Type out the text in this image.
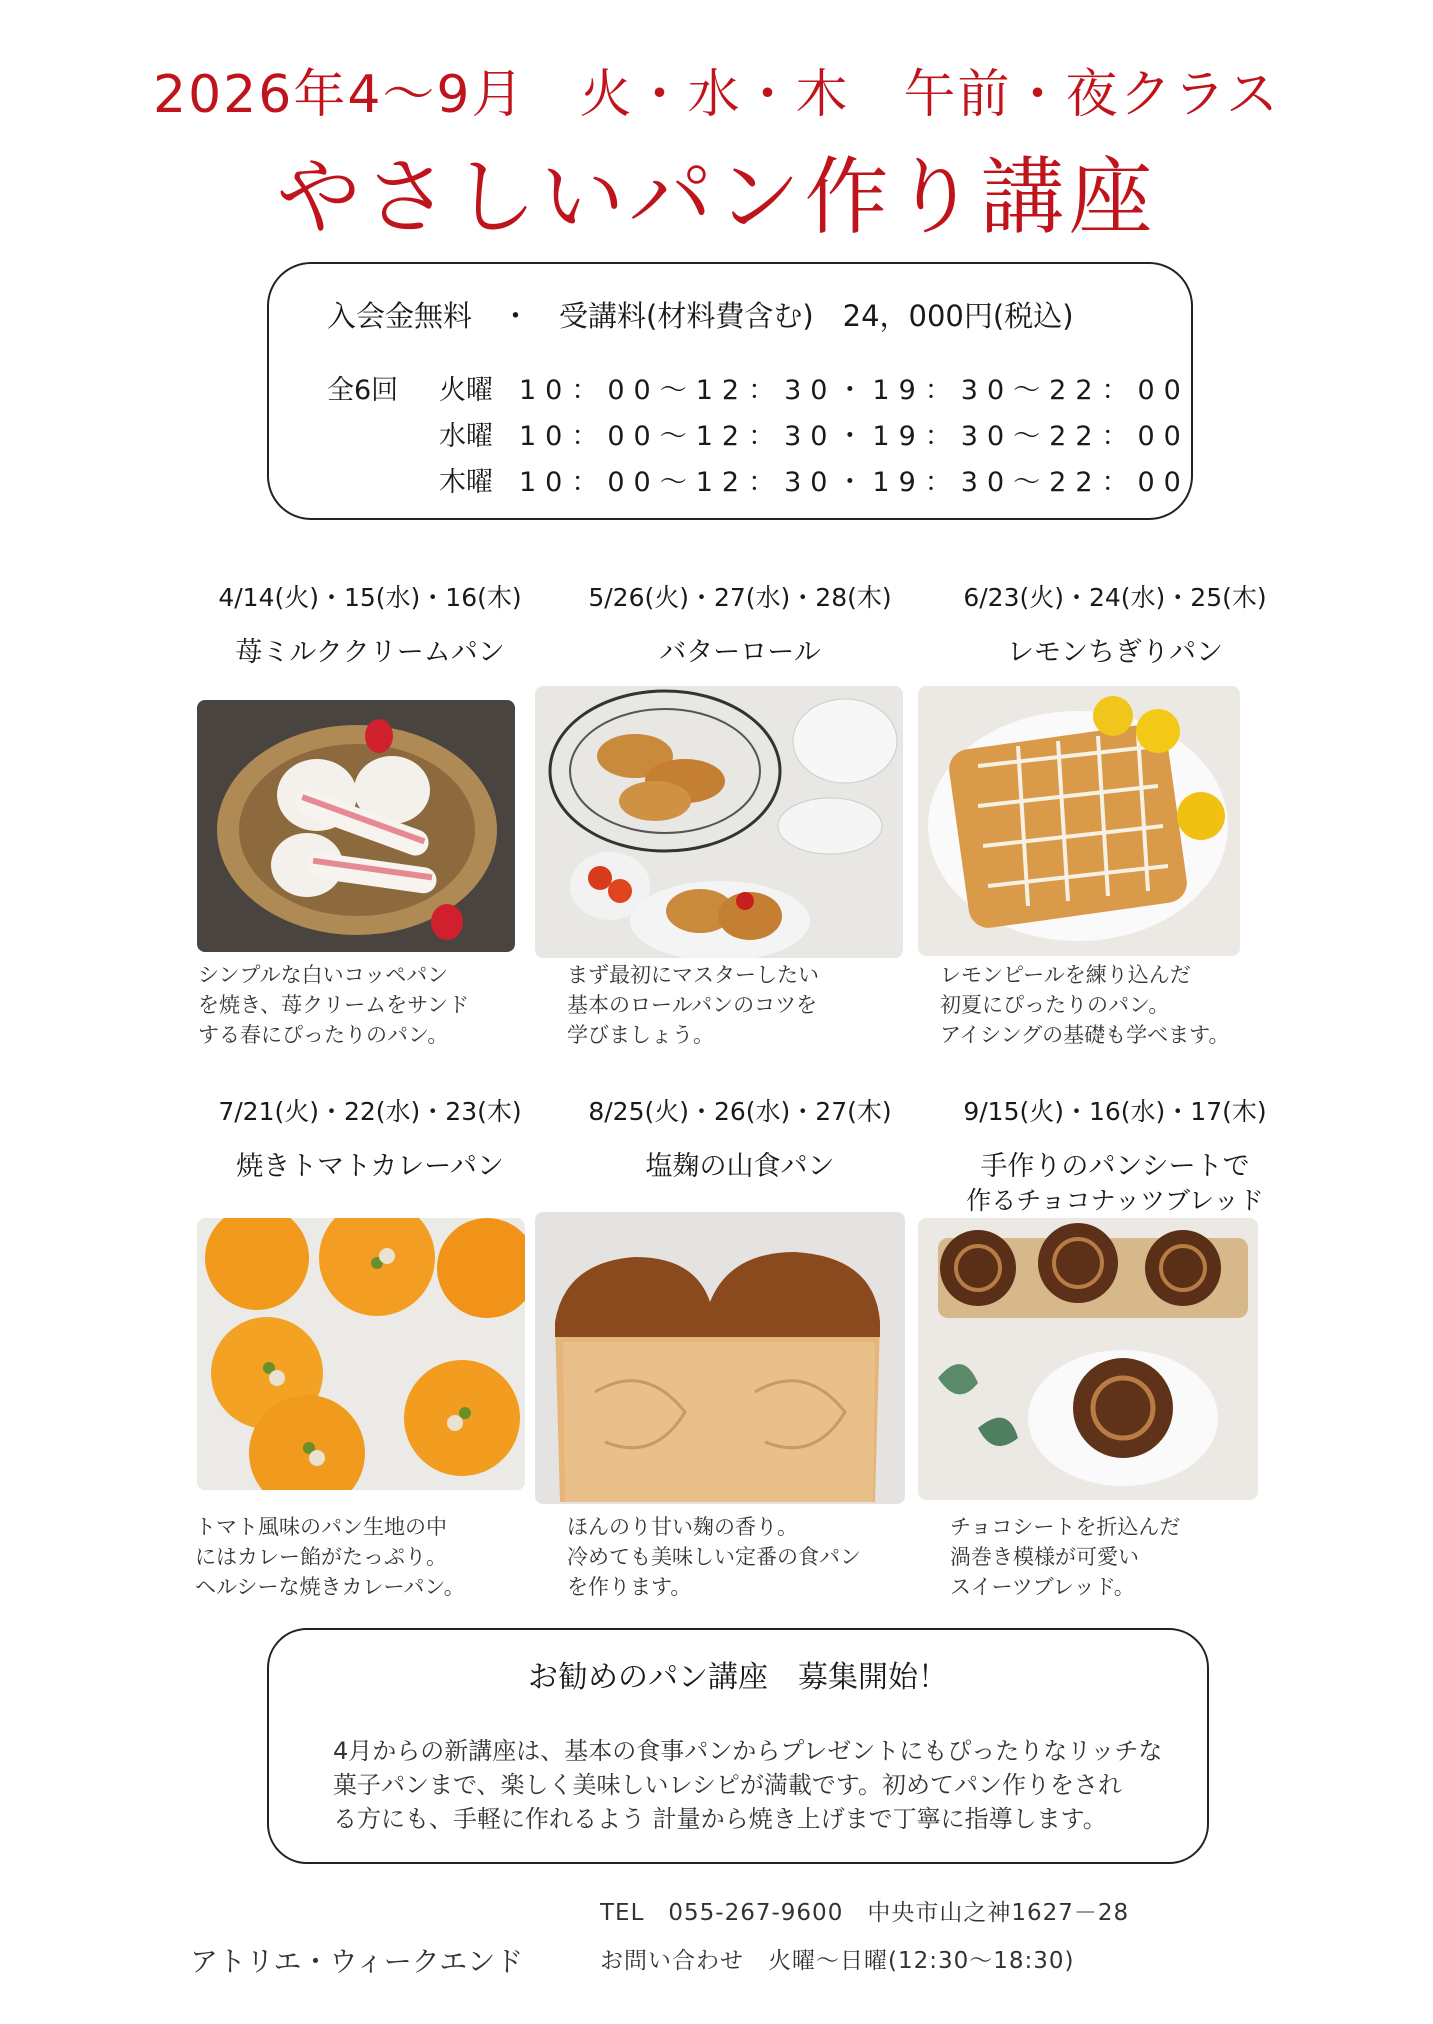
2026年4～9月　火・水・木　午前・夜クラス
やさしいパン作り講座
入会金無料　・　受講料(材料費含む)　24，000円(税込)
全6回 火曜 10：00～12：30・19：30～22：00
水曜 10：00～12：30・19：30～22：00
木曜 10：00～12：30・19：30～22：00
4/14(火)・15(水)・16(木)
苺ミルククリームパン
シンプルな白いコッペパン
を焼き、苺クリームをサンド
する春にぴったりのパン。
5/26(火)・27(水)・28(木)
バターロール
まず最初にマスターしたい
基本のロールパンのコツを
学びましょう。
6/23(火)・24(水)・25(木)
レモンちぎりパン
レモンピールを練り込んだ
初夏にぴったりのパン。
アイシングの基礎も学べます。
7/21(火)・22(水)・23(木)
焼きトマトカレーパン
トマト風味のパン生地の中
にはカレー餡がたっぷり。
ヘルシーな焼きカレーパン。
8/25(火)・26(水)・27(木)
塩麹の山食パン
ほんのり甘い麹の香り。
冷めても美味しい定番の食パン
を作ります。
9/15(火)・16(水)・17(木)
手作りのパンシートで
作るチョコナッツブレッド
チョコシートを折込んだ
渦巻き模様が可愛い
スイーツブレッド。
お勧めのパン講座　募集開始！
4月からの新講座は、基本の食事パンからプレゼントにもぴったりなリッチな
菓子パンまで、楽しく美味しいレシピが満載です。初めてパン作りをされ
る方にも、手軽に作れるよう 計量から焼き上げまで丁寧に指導します。
アトリエ・ウィークエンド
TEL　055-267-9600　中央市山之神1627－28
お問い合わせ　火曜～日曜(12:30～18:30)
